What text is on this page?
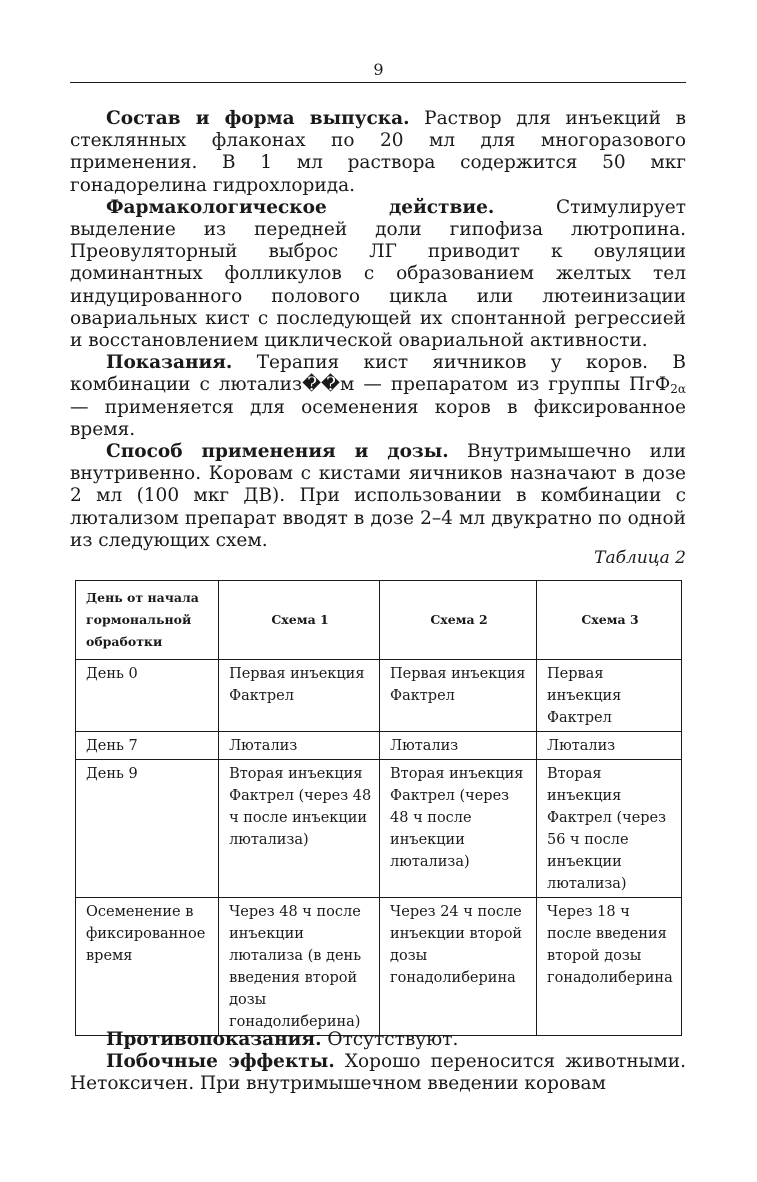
9

Состав и форма выпуска. Раствор для инъекций в стеклянных флаконах по 20 мл для многоразового применения. В 1 мл раствора содержится 50 мкг гонадорелина гидрохлорида.

Фармакологическое действие. Стимулирует выделение из передней доли гипофиза лютропина. Преовуляторный выброс ЛГ приводит к овуляции доминантных фолликулов с образованием желтых тел индуцированного полового цикла или лютеинизации овариальных кист с последующей их спонтанной регрессией и восстановлением циклической овариальной активности.

Показания. Терапия кист яичников у коров. В комбинации с лютализ��м — препаратом из группы ПгФ$_{2\alpha}$ — применяется для осеменения коров в фиксированное время.

Способ применения и дозы. Внутримышечно или внутривенно. Коровам с кистами яичников назначают в дозе 2 мл (100 мкг ДВ). При использовании в комбинации с лютализом препарат вводят в дозе 2–4 мл двукратно по одной из следующих схем.

Таблица 2
День от начала гормональной обработки	Схема 1	Схема 2	Схема 3
День 0	Первая инъекция Фактрел	Первая инъекция Фактрел	Первая инъекция Фактрел
День 7	Лютализ	Лютализ	Лютализ
День 9	Вторая инъекция Фактрел (через 48 ч после инъекции лютализа)	Вторая инъекция Фактрел (через 48 ч после инъекции лютализа)	Вторая инъекция Фактрел (через 56 ч после инъекции лютализа)
Осеменение в фиксированное время	Через 48 ч после инъекции лютализа (в день введения второй дозы гонадолиберина)	Через 24 ч после инъекции второй дозы гонадолиберина	Через 18 ч после введения второй дозы гонадолиберина

Противопоказания. Отсутствуют.

Побочные эффекты. Хорошо переносится животными. Нетоксичен. При внутримышечном введении коровам
